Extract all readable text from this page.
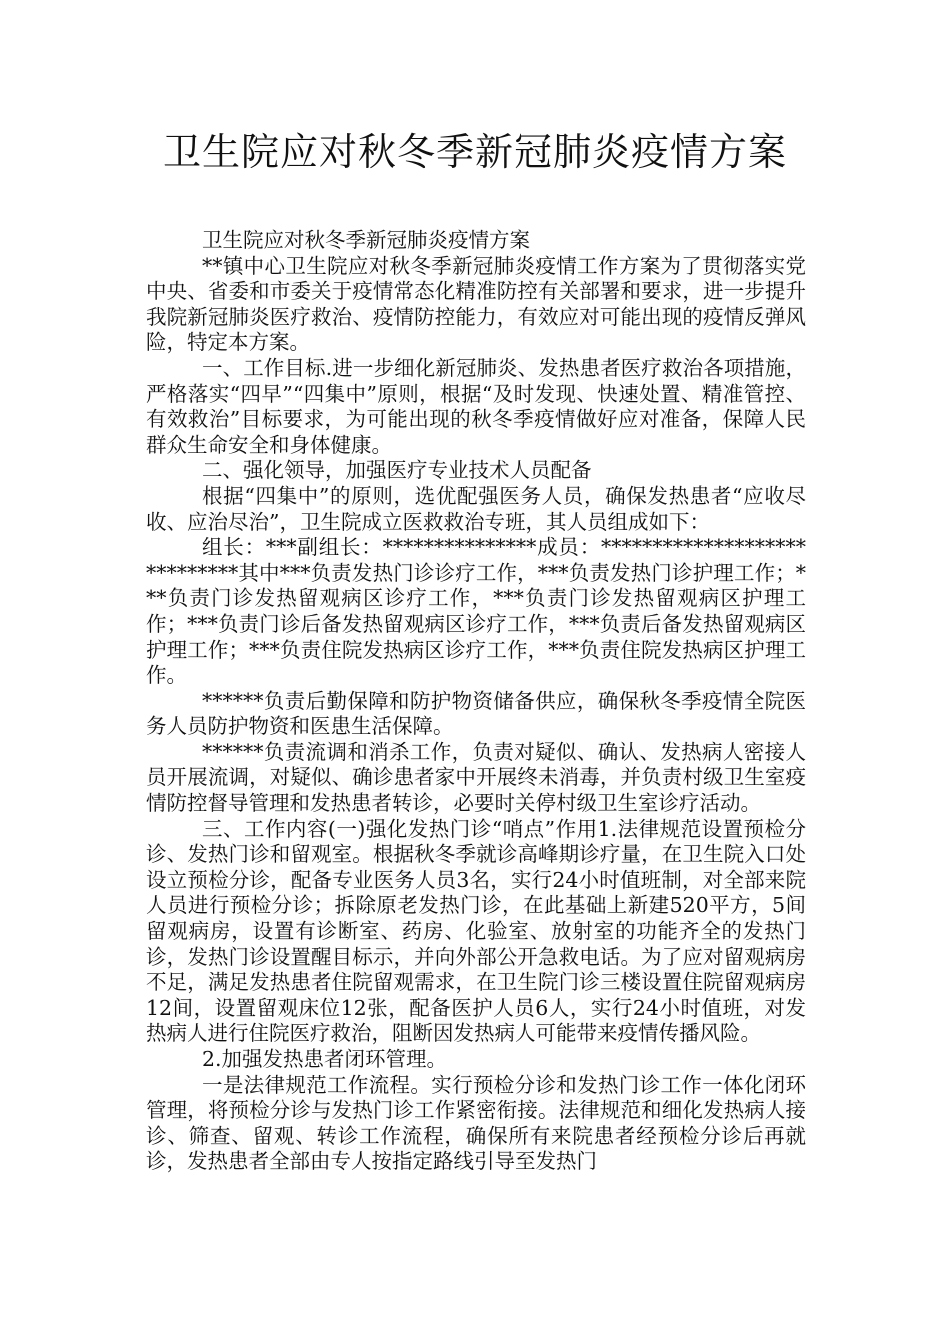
卫生院应对秋冬季新冠肺炎疫情方案

卫生院应对秋冬季新冠肺炎疫情方案

**镇中心卫生院应对秋冬季新冠肺炎疫情工作方案为了贯彻落实党中央、省委和市委关于疫情常态化精准防控有关部署和要求，进一步提升我院新冠肺炎医疗救治、疫情防控能力，有效应对可能出现的疫情反弹风险，特定本方案。

一、工作目标.进一步细化新冠肺炎、发热患者医疗救治各项措施，严格落实“四早”“四集中”原则，根据“及时发现、快速处置、精准管控、有效救治”目标要求，为可能出现的秋冬季疫情做好应对准备，保障人民群众生命安全和身体健康。

二、强化领导，加强医疗专业技术人员配备

根据“四集中”的原则，选优配强医务人员，确保发热患者“应收尽收、应治尽治”，卫生院成立医救救治专班，其人员组成如下：

组长：***副组长：***************成员：*****************************其中***负责发热门诊诊疗工作，***负责发热门诊护理工作；***负责门诊发热留观病区诊疗工作，***负责门诊发热留观病区护理工作；***负责门诊后备发热留观病区诊疗工作，***负责后备发热留观病区护理工作；***负责住院发热病区诊疗工作，***负责住院发热病区护理工作。

******负责后勤保障和防护物资储备供应，确保秋冬季疫情全院医务人员防护物资和医患生活保障。

******负责流调和消杀工作，负责对疑似、确认、发热病人密接人员开展流调，对疑似、确诊患者家中开展终未消毒，并负责村级卫生室疫情防控督导管理和发热患者转诊，必要时关停村级卫生室诊疗活动。

三、工作内容(一)强化发热门诊“哨点”作用1.法律规范设置预检分诊、发热门诊和留观室。根据秋冬季就诊高峰期诊疗量，在卫生院入口处设立预检分诊，配备专业医务人员3名，实行24小时值班制，对全部来院人员进行预检分诊；拆除原老发热门诊，在此基础上新建520平方，5间留观病房，设置有诊断室、药房、化验室、放射室的功能齐全的发热门诊，发热门诊设置醒目标示，并向外部公开急救电话。为了应对留观病房不足，满足发热患者住院留观需求，在卫生院门诊三楼设置住院留观病房12间，设置留观床位12张，配备医护人员6人，实行24小时值班，对发热病人进行住院医疗救治，阻断因发热病人可能带来疫情传播风险。

2.加强发热患者闭环管理。

一是法律规范工作流程。实行预检分诊和发热门诊工作一体化闭环管理，将预检分诊与发热门诊工作紧密衔接。法律规范和细化发热病人接诊、筛查、留观、转诊工作流程，确保所有来院患者经预检分诊后再就诊，发热患者全部由专人按指定路线引导至发热门
